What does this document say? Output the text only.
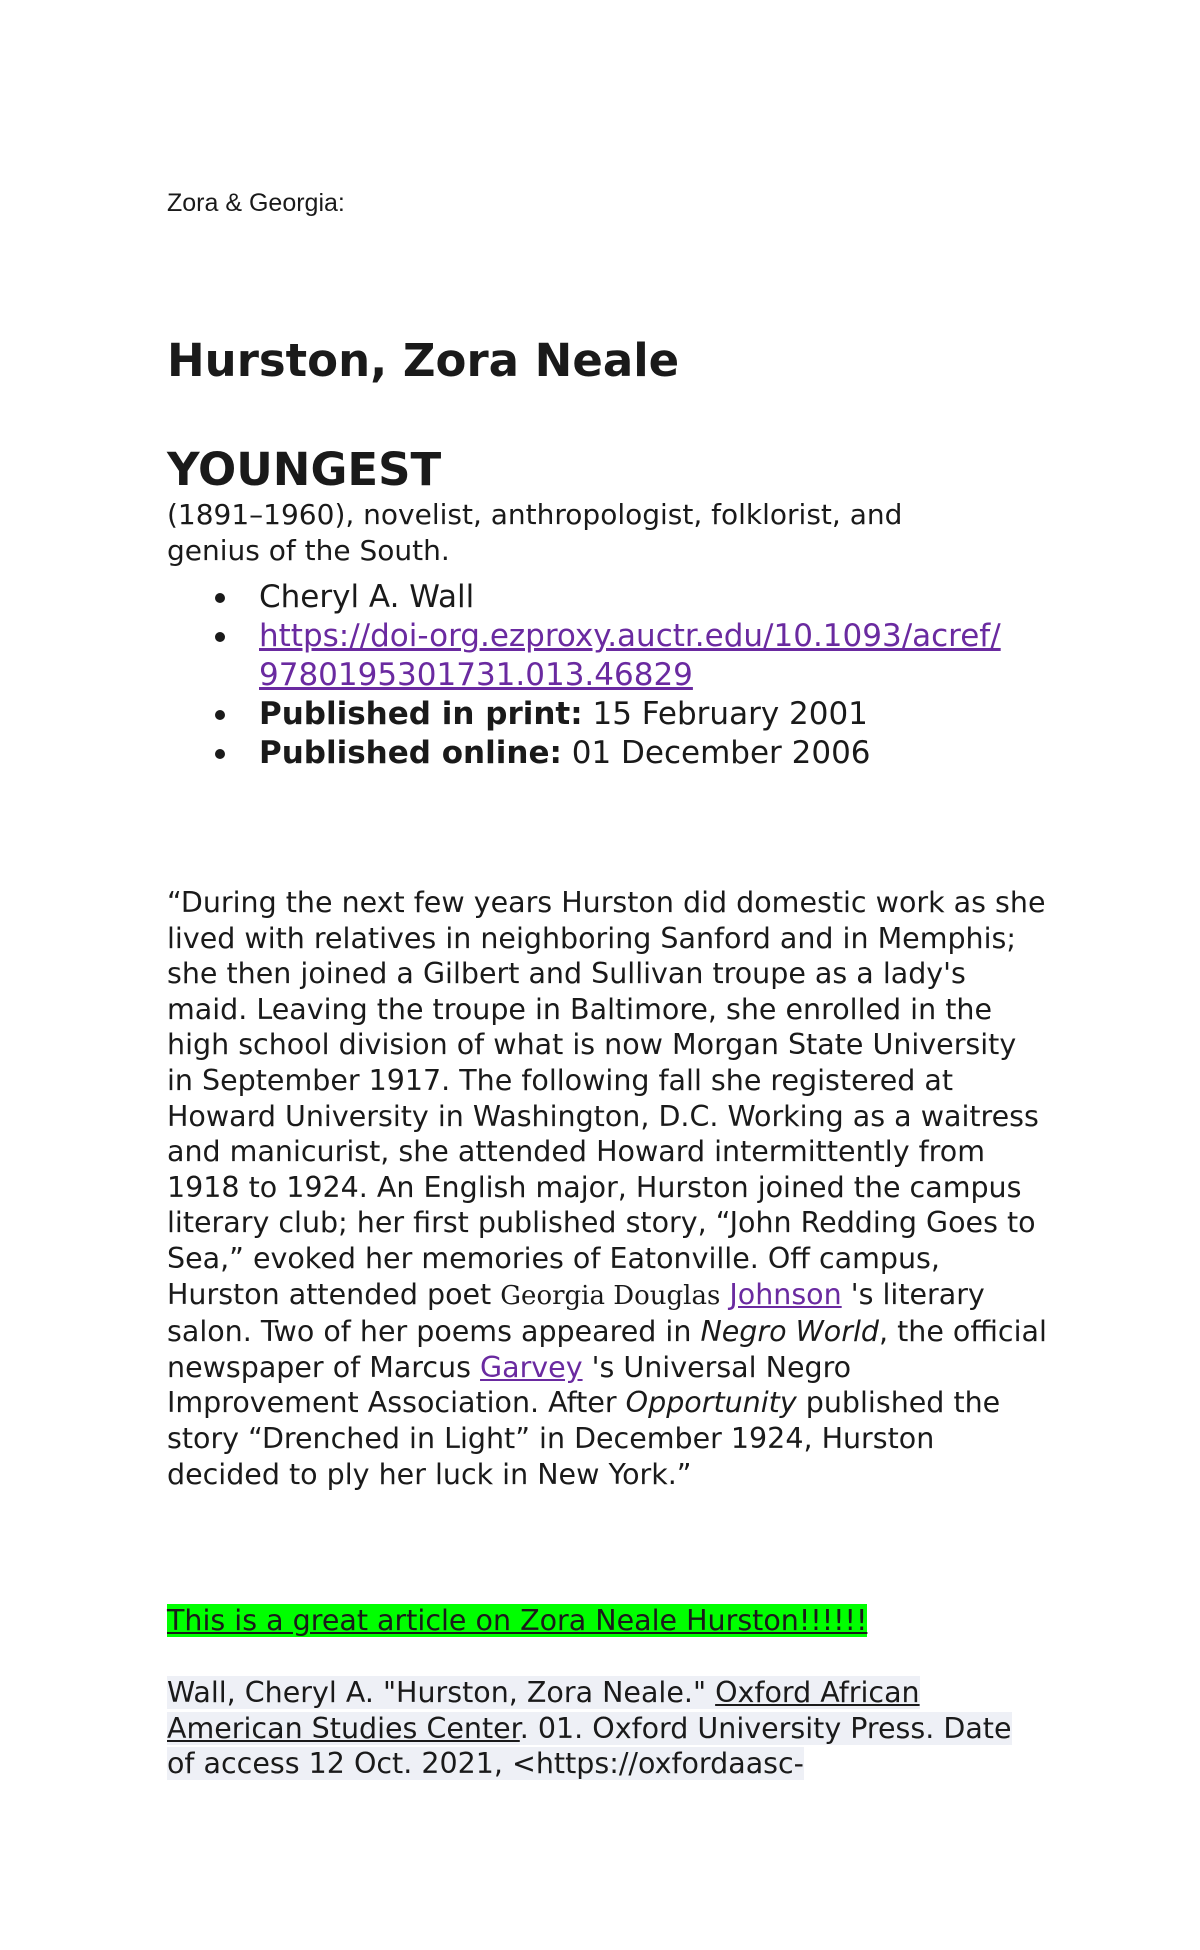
Zora & Georgia:
Hurston, Zora Neale
YOUNGEST
(1891–1960), novelist, anthropologist, folklorist, and genius of the South.
Cheryl A. Wall
https://doi-org.ezproxy.auctr.edu/10.1093/acref/9780195301731.013.46829
Published in print: 15 February 2001
Published online: 01 December 2006
“During the next few years Hurston did domestic work as she lived with relatives in neighboring Sanford and in Memphis; she then joined a Gilbert and Sullivan troupe as a lady's maid. Leaving the troupe in Baltimore, she enrolled in the high school division of what is now Morgan State University in September 1917. The following fall she registered at Howard University in Washington, D.C. Working as a waitress and manicurist, she attended Howard intermittently from 1918 to 1924. An English major, Hurston joined the campus literary club; her first published story, “John Redding Goes to Sea,” evoked her memories of Eatonville. Off campus, Hurston attended poet Georgia Douglas Johnson 's literary salon. Two of her poems appeared in Negro World, the official newspaper of Marcus Garvey 's Universal Negro Improvement Association. After Opportunity published the story “Drenched in Light” in December 1924, Hurston decided to ply her luck in New York.”
This is a great article on Zora Neale Hurston!!!!!!
Wall, Cheryl A. "Hurston, Zora Neale." Oxford African American Studies Center. 01. Oxford University Press. Date of access 12 Oct. 2021, <https://oxfordaasc-
